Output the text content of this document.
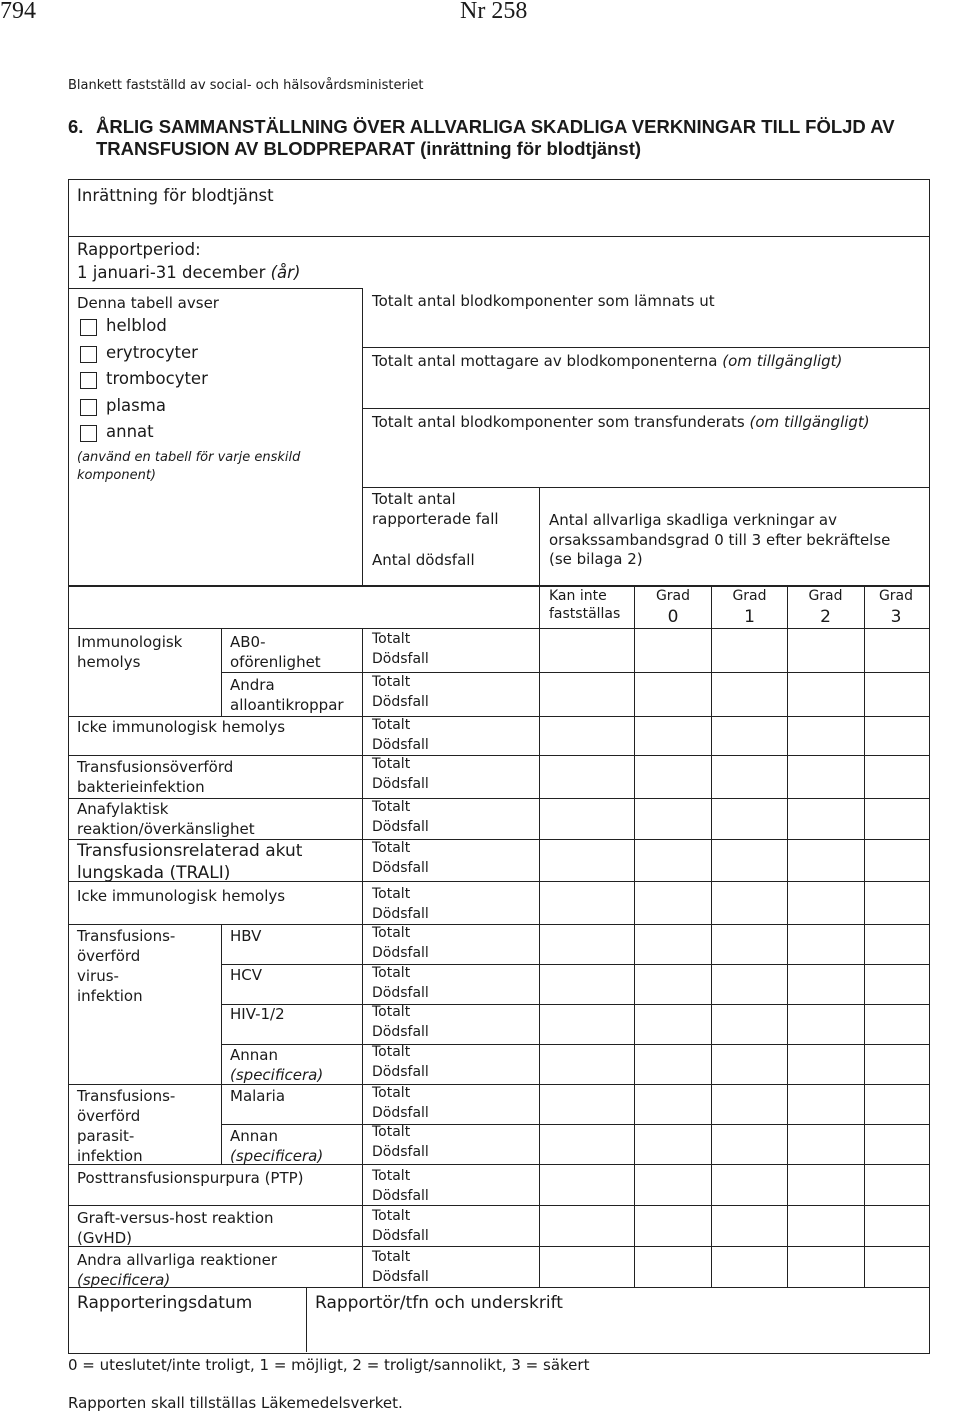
794	Nr 258
Blankett fastställd av social- och hälsovårdsministeriet
6. ÅRLIG SAMMANSTÄLLNING ÖVER ALLVARLIGA SKADLIGA VERKNINGAR TILL FÖLJD AV
TRANSFUSION AV BLODPREPARAT (inrättning för blodtjänst)
Inrättning för blodtjänst
Rapportperiod:
1 januari-31 december (år)
Denna tabell avser
helblod
erytrocyter
trombocyter
plasma
annat
(använd en tabell för varje enskild
komponent)
Totalt antal blodkomponenter som lämnats ut
Totalt antal mottagare av blodkomponenterna (om tillgängligt)
Totalt antal blodkomponenter som transfunderats (om tillgängligt)
Totalt antal
rapporterade fall
Antal dödsfall
Antal allvarliga skadliga verkningar av
orsakssambandsgrad 0 till 3 efter bekräftelse
(se bilaga 2)
Kan inte
fastställas
Grad
0
Grad
1
Grad
2
Grad
3
Immunologisk
hemolys
AB0-
oförenlighet
Andra
alloantikroppar
Icke immunologisk hemolys
Transfusionsöverförd
bakterieinfektion
Anafylaktisk
reaktion/överkänslighet
Transfusionsrelaterad akut
lungskada (TRALI)
Icke immunologisk hemolys
Transfusions-
överförd
virus-
infektion
HBV
HCV
HIV-1/2
Annan
(specificera)
Transfusions-
överförd
parasit-
infektion
Malaria
Annan
(specificera)
Posttransfusionspurpura (PTP)
Graft-versus-host reaktion
(GvHD)
Andra allvarliga reaktioner
(specificera)
Totalt
Dödsfall
Totalt
Dödsfall
Totalt
Dödsfall
Totalt
Dödsfall
Totalt
Dödsfall
Totalt
Dödsfall
Totalt
Dödsfall
Totalt
Dödsfall
Totalt
Dödsfall
Totalt
Dödsfall
Totalt
Dödsfall
Totalt
Dödsfall
Totalt
Dödsfall
Totalt
Dödsfall
Totalt
Dödsfall
Totalt
Dödsfall
Rapporteringsdatum	Rapportör/tfn och underskrift
0 = uteslutet/inte troligt, 1 = möjligt, 2 = troligt/sannolikt, 3 = säkert
Rapporten skall tillställas Läkemedelsverket.
